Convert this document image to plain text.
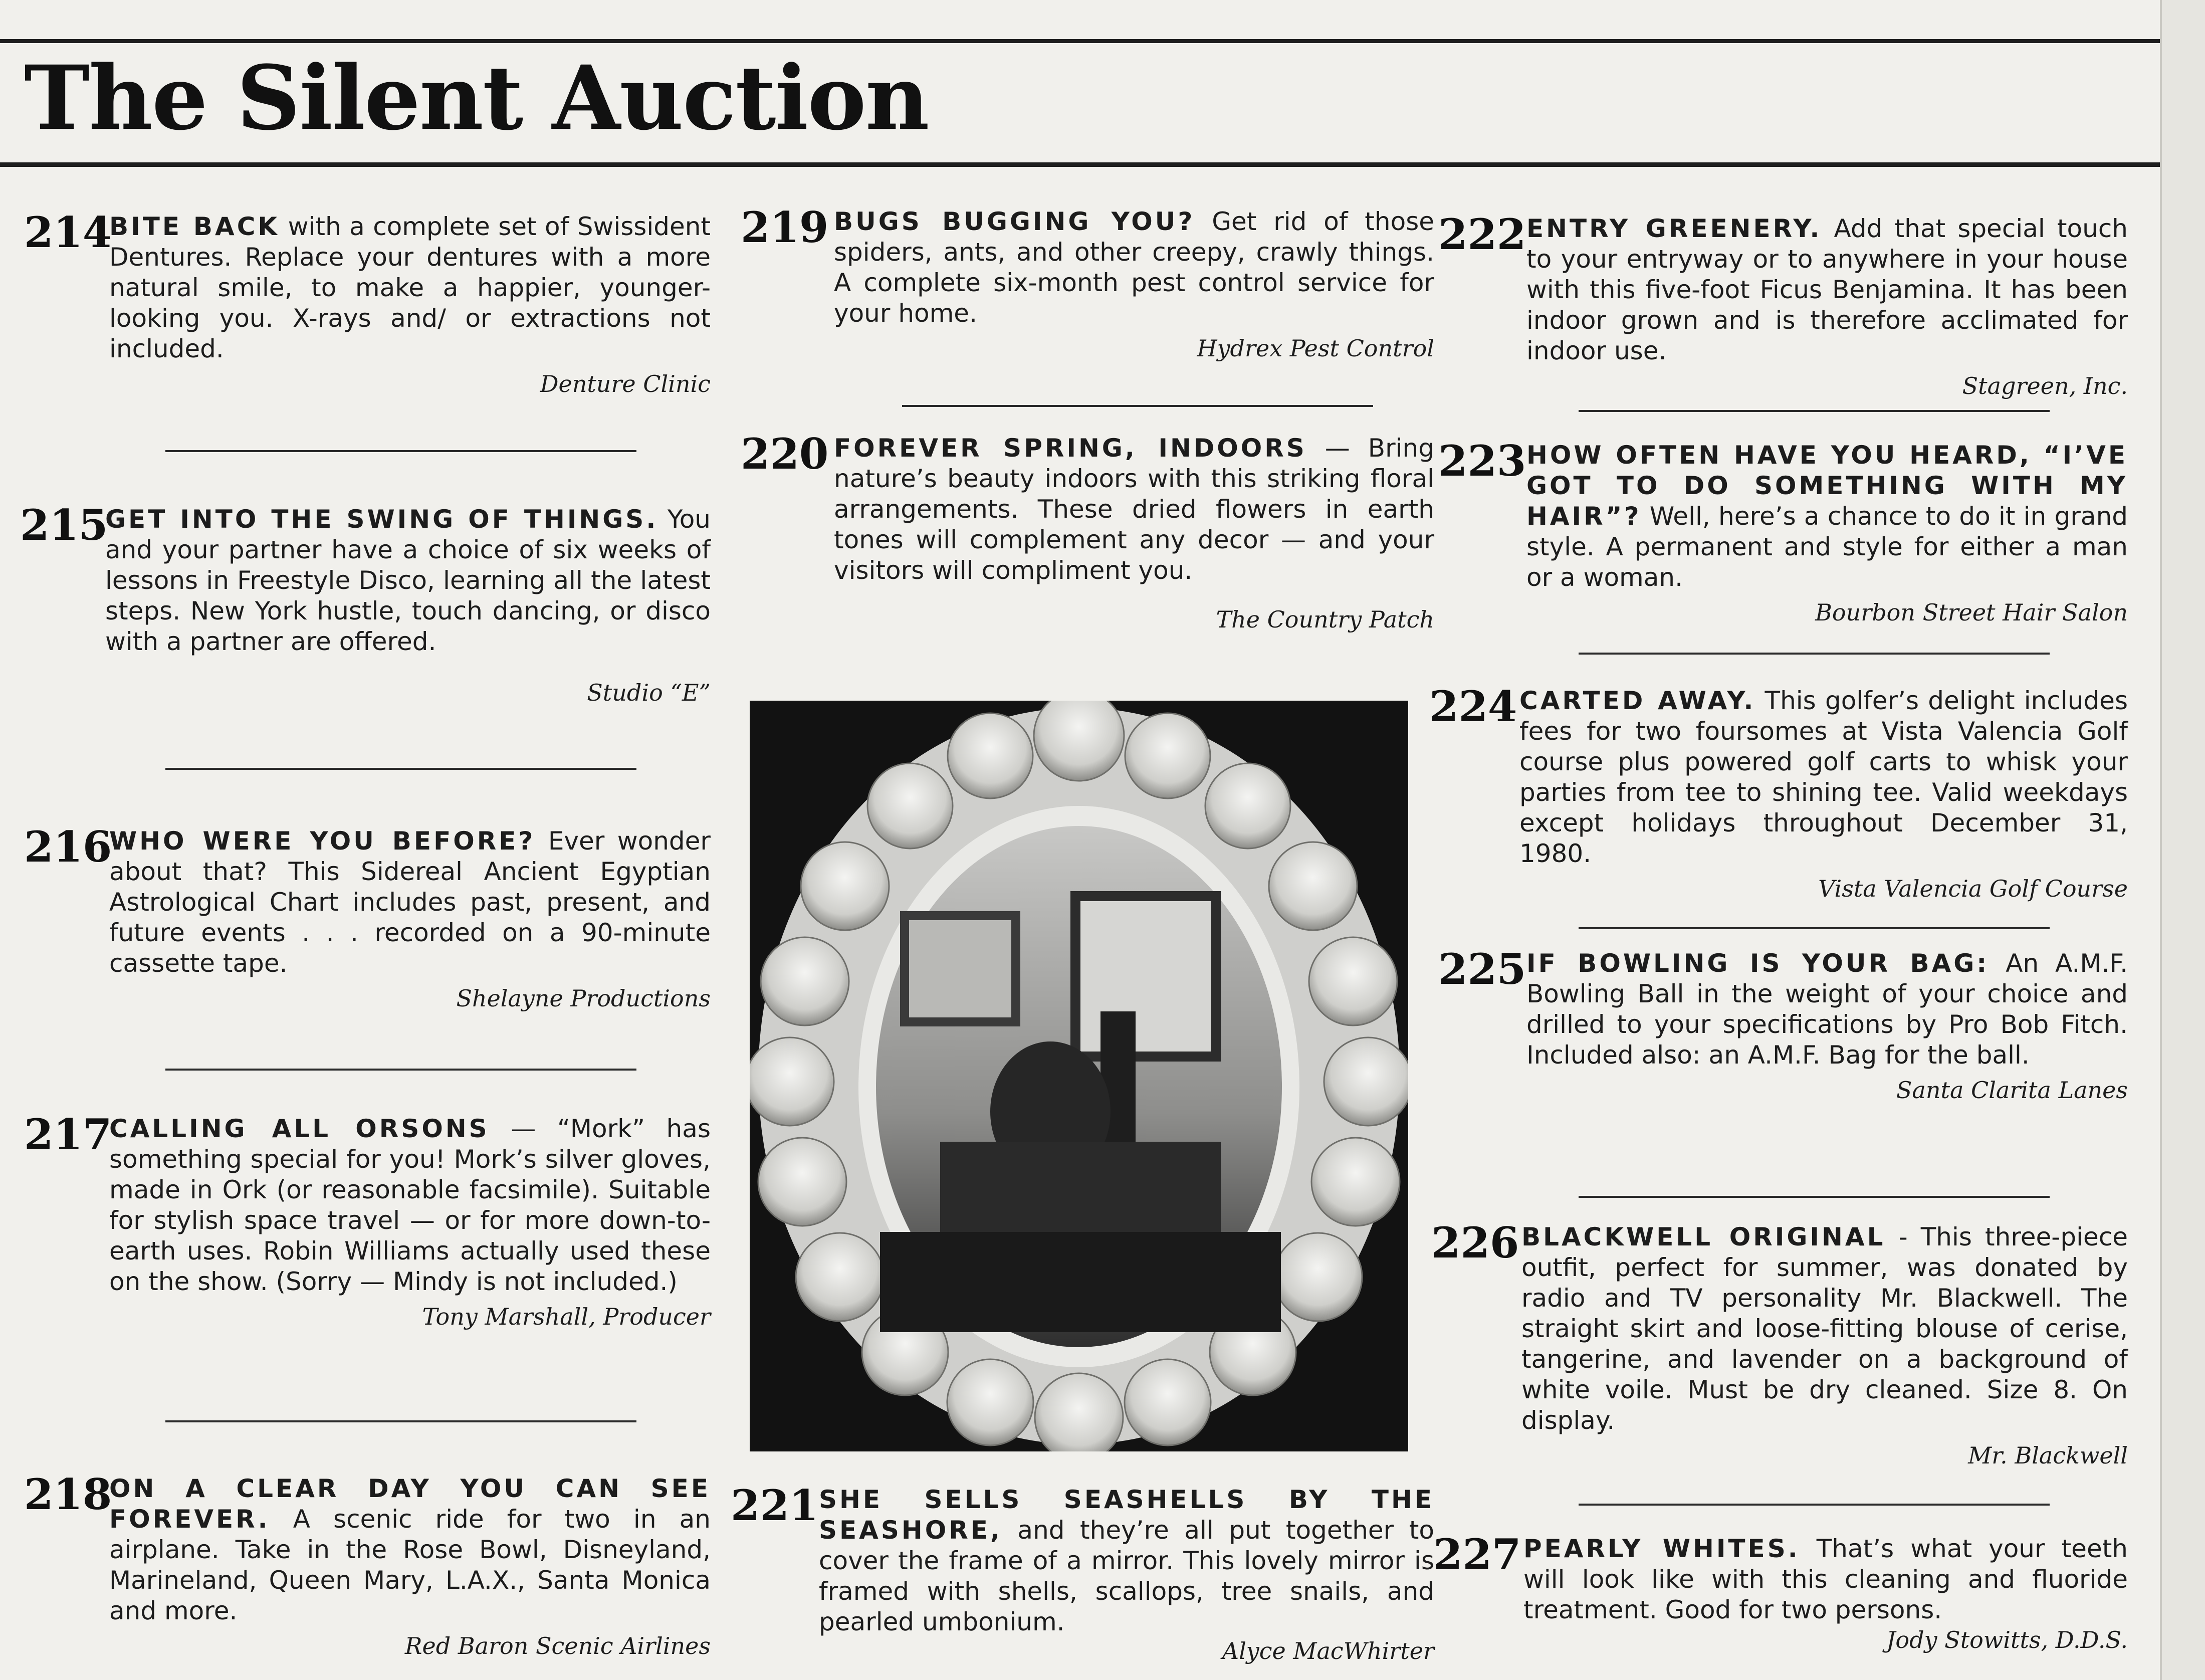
The Silent Auction
214

BITE BACK with a complete set of Swissident Dentures. Replace your dentures with a more natural smile, to make a happier, younger-looking you. X-rays and/ or extractions not included.

Denture Clinic
215

GET INTO THE SWING OF THINGS. You and your partner have a choice of six weeks of lessons in Freestyle Disco, learning all the latest steps. New York hustle, touch dancing, or disco with a partner are offered.

Studio “E”
216

WHO WERE YOU BEFORE? Ever wonder about that? This Sidereal Ancient Egyptian Astrological Chart includes past, present, and future events . . . recorded on a 90-minute cassette tape.

Shelayne Productions
217

CALLING ALL ORSONS — “Mork” has something special for you! Mork’s silver gloves, made in Ork (or reasonable facsimile). Suitable for stylish space travel — or for more down-to-earth uses. Robin Williams actually used these on the show. (Sorry — Mindy is not included.)

Tony Marshall, Producer
218

ON A CLEAR DAY YOU CAN SEE FOREVER. A scenic ride for two in an airplane. Take in the Rose Bowl, Disneyland, Marineland, Queen Mary, L.A.X., Santa Monica and more.

Red Baron Scenic Airlines
219 BUGS BUGGING YOU? Get rid of those spiders, ants, and other creepy, crawly things. A complete six-month pest control service for your home.

Hydrex Pest Control
220 FOREVER SPRING, INDOORS — Bring nature’s beauty indoors with this striking floral arrangements. These dried flowers in earth tones will complement any decor — and your visitors will compliment you.

The Country Patch
221 SHE SELLS SEASHELLS BY THE SEASHORE, and they’re all put together to cover the frame of a mirror. This lovely mirror is framed with shells, scallops, tree snails, and pearled umbonium.

Alyce MacWhirter
222 ENTRY GREENERY. Add that special touch to your entryway or to anywhere in your house with this five-foot Ficus Benjamina. It has been indoor grown and is therefore acclimated for indoor use.

Stagreen, Inc.
223 HOW OFTEN HAVE YOU HEARD, “I’VE GOT TO DO SOMETHING WITH MY HAIR”? Well, here’s a chance to do it in grand style. A permanent and style for either a man or a woman.

Bourbon Street Hair Salon
224 CARTED AWAY. This golfer’s delight includes fees for two foursomes at Vista Valencia Golf course plus powered golf carts to whisk your parties from tee to shining tee. Valid weekdays except holidays throughout December 31, 1980.

Vista Valencia Golf Course
225 IF BOWLING IS YOUR BAG: An A.M.F. Bowling Ball in the weight of your choice and drilled to your specifications by Pro Bob Fitch. Included also: an A.M.F. Bag for the ball.

Santa Clarita Lanes
226 BLACKWELL ORIGINAL - This three-piece outfit, perfect for summer, was donated by radio and TV personality Mr. Blackwell. The straight skirt and loose-fitting blouse of cerise, tangerine, and lavender on a background of white voile. Must be dry cleaned. Size 8. On display.

Mr. Blackwell
227 PEARLY WHITES. That’s what your teeth will look like with this cleaning and fluoride treatment. Good for two persons.

Jody Stowitts, D.D.S.
